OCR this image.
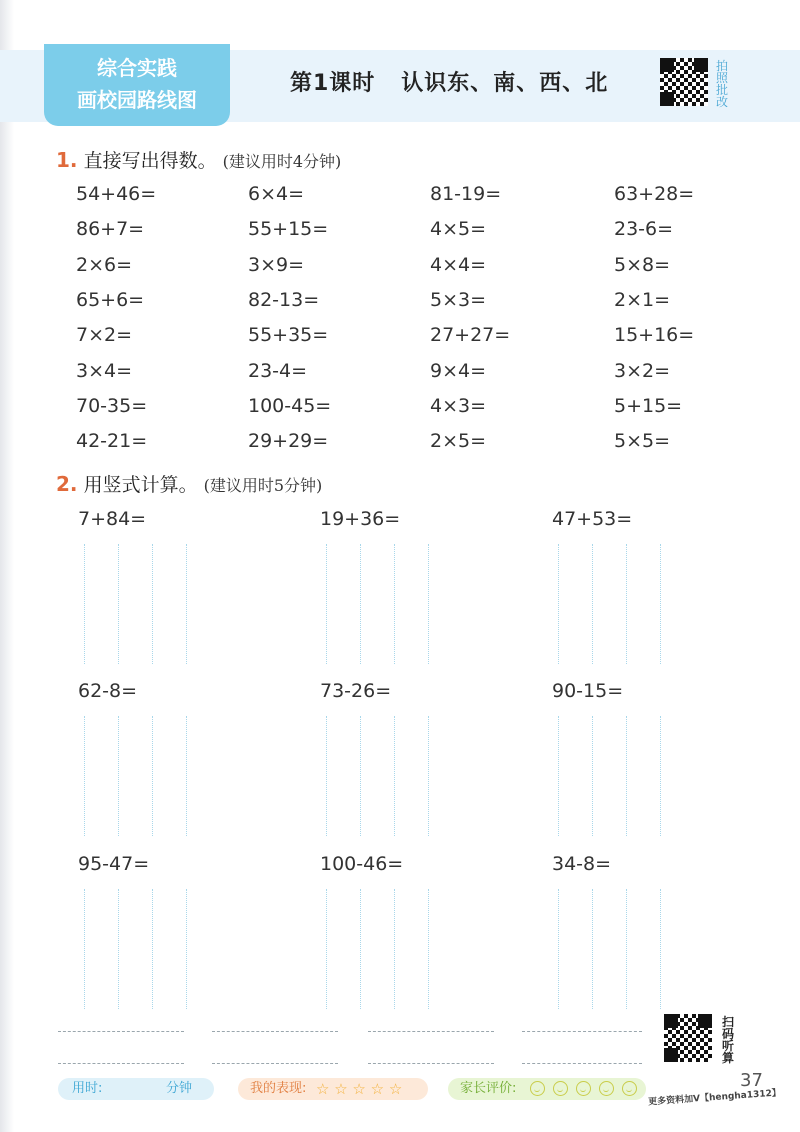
综合实践
画校园路线图
第1课时   认识东、南、西、北
拍照批改
1. 直接写出得数。 (建议用时4分钟)
54+46=	6×4=	81-19=	63+28=
86+7=	55+15=	4×5=	23-6=
2×6=	3×9=	4×4=	5×8=
65+6=	82-13=	5×3=	2×1=
7×2=	55+35=	27+27=	15+16=
3×4=	23-4=	9×4=	3×2=
70-35=	100-45=	4×3=	5+15=
42-21=	29+29=	2×5=	5×5=
2. 用竖式计算。 (建议用时5分钟)
7+84=	19+36=	47+53=
62-8=	73-26=	90-15=
95-47=	100-46=	34-8=
扫码听算
用时:	分钟	我的表现: ☆ ☆ ☆ ☆ ☆	家长评价:	37
更多资料加V【hengha1312】
